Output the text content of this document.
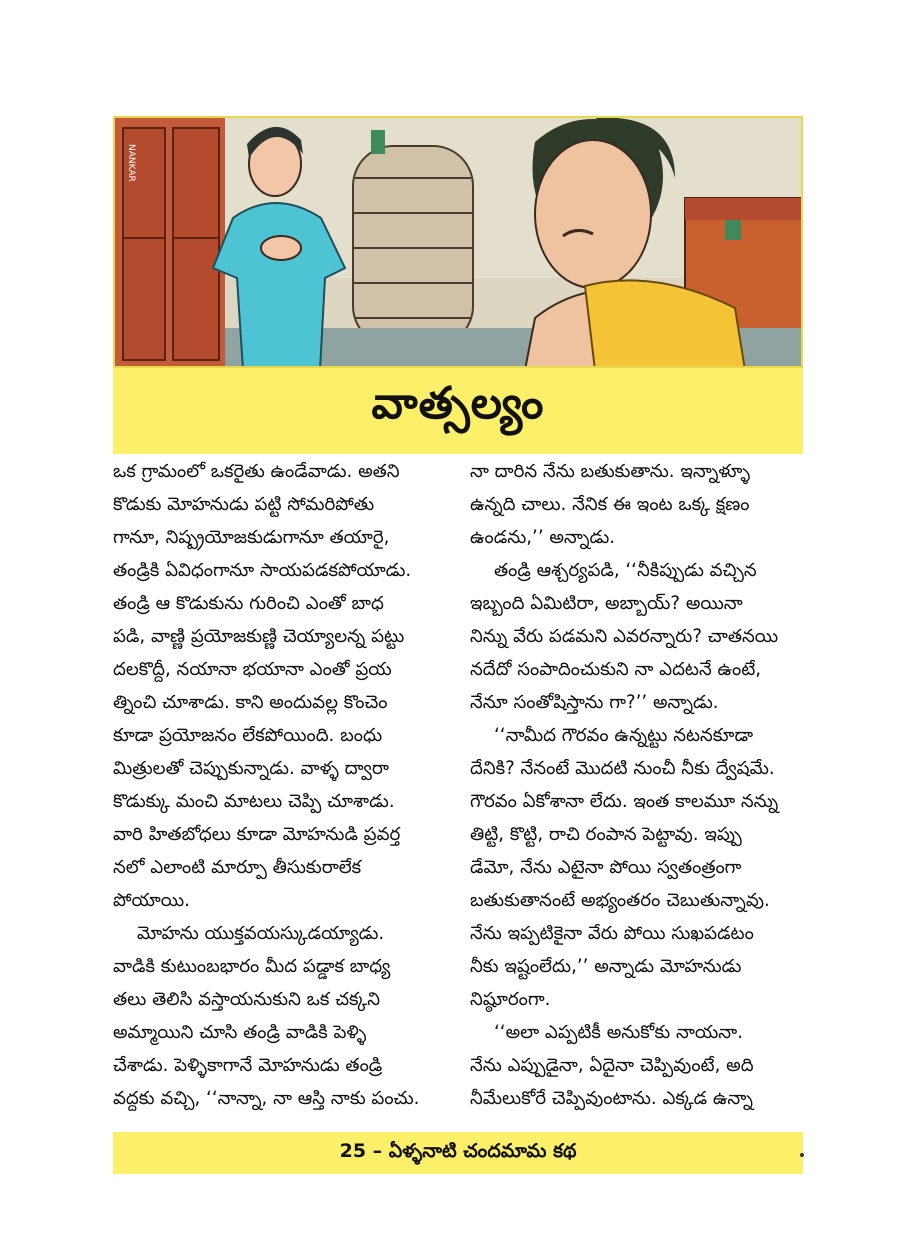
NANKAR
వాత్సల్యం
ఒక గ్రామంలో ఒకరైతు ఉండేవాడు. అతని
కొడుకు మోహనుడు పట్టి సోమరిపోతు
గానూ, నిష్ప్రయోజకుడుగానూ తయారై,
తండ్రికి ఏవిధంగానూ సాయపడకపోయాడు.
తండ్రి ఆ కొడుకును గురించి ఎంతో బాధ
పడి, వాణ్ణి ప్రయోజకుణ్ణి చెయ్యాలన్న పట్టు
దలకొద్దీ, నయానా భయానా ఎంతో ప్రయ
త్నించి చూశాడు. కాని అందువల్ల కొంచెం
కూడా ప్రయోజనం లేకపోయింది. బంధు
మిత్రులతో చెప్పుకున్నాడు. వాళ్ళ ద్వారా
కొడుక్కు మంచి మాటలు చెప్పి చూశాడు.
వారి హితబోధలు కూడా మోహనుడి ప్రవర్త
నలో ఎలాంటి మార్పూ తీసుకురాలేక
పోయాయి.
మోహను యుక్తవయస్కుడయ్యాడు.
వాడికి కుటుంబభారం మీద పడ్డాక బాధ్య
తలు తెలిసి వస్తాయనుకుని ఒక చక్కని
అమ్మాయిని చూసి తండ్రి వాడికి పెళ్ళి
చేశాడు. పెళ్ళికాగానే మోహనుడు తండ్రి
వద్దకు వచ్చి, ‘‘నాన్నా, నా ఆస్తి నాకు పంచు.
నా దారిన నేను బతుకుతాను. ఇన్నాళ్ళూ
ఉన్నది చాలు. నేనిక ఈ ఇంట ఒక్క క్షణం
ఉండను,’’ అన్నాడు.
తండ్రి ఆశ్చర్యపడి, ‘‘నీకిప్పుడు వచ్చిన
ఇబ్బంది ఏమిటిరా, అబ్బాయ్? అయినా
నిన్ను వేరు పడమని ఎవరన్నారు? చాతనయి
నదేదో సంపాదించుకుని నా ఎదటనే ఉంటే,
నేనూ సంతోషిస్తాను గా?’’ అన్నాడు.
‘‘నామీద గౌరవం ఉన్నట్టు నటనకూడా
దేనికి? నేనంటే మొదటి నుంచీ నీకు ద్వేషమే.
గౌరవం ఏకోశానా లేదు. ఇంత కాలమూ నన్ను
తిట్టి, కొట్టి, రాచి రంపాన పెట్టావు. ఇప్పు
డేమో, నేను ఎటైనా పోయి స్వతంత్రంగా
బతుకుతానంటే అభ్యంతరం చెబుతున్నావు.
నేను ఇప్పటికైనా వేరు పోయి సుఖపడటం
నీకు ఇష్టంలేదు,’’ అన్నాడు మోహనుడు
నిష్ఠూరంగా.
‘‘అలా ఎప్పటికీ అనుకోకు నాయనా.
నేను ఎప్పుడైనా, ఏదైనా చెప్పివుంటే, అది
నీమేలుకోరే చెప్పివుంటాను. ఎక్కడ ఉన్నా
25 – ఏళ్ళనాటి చందమామ కథ
